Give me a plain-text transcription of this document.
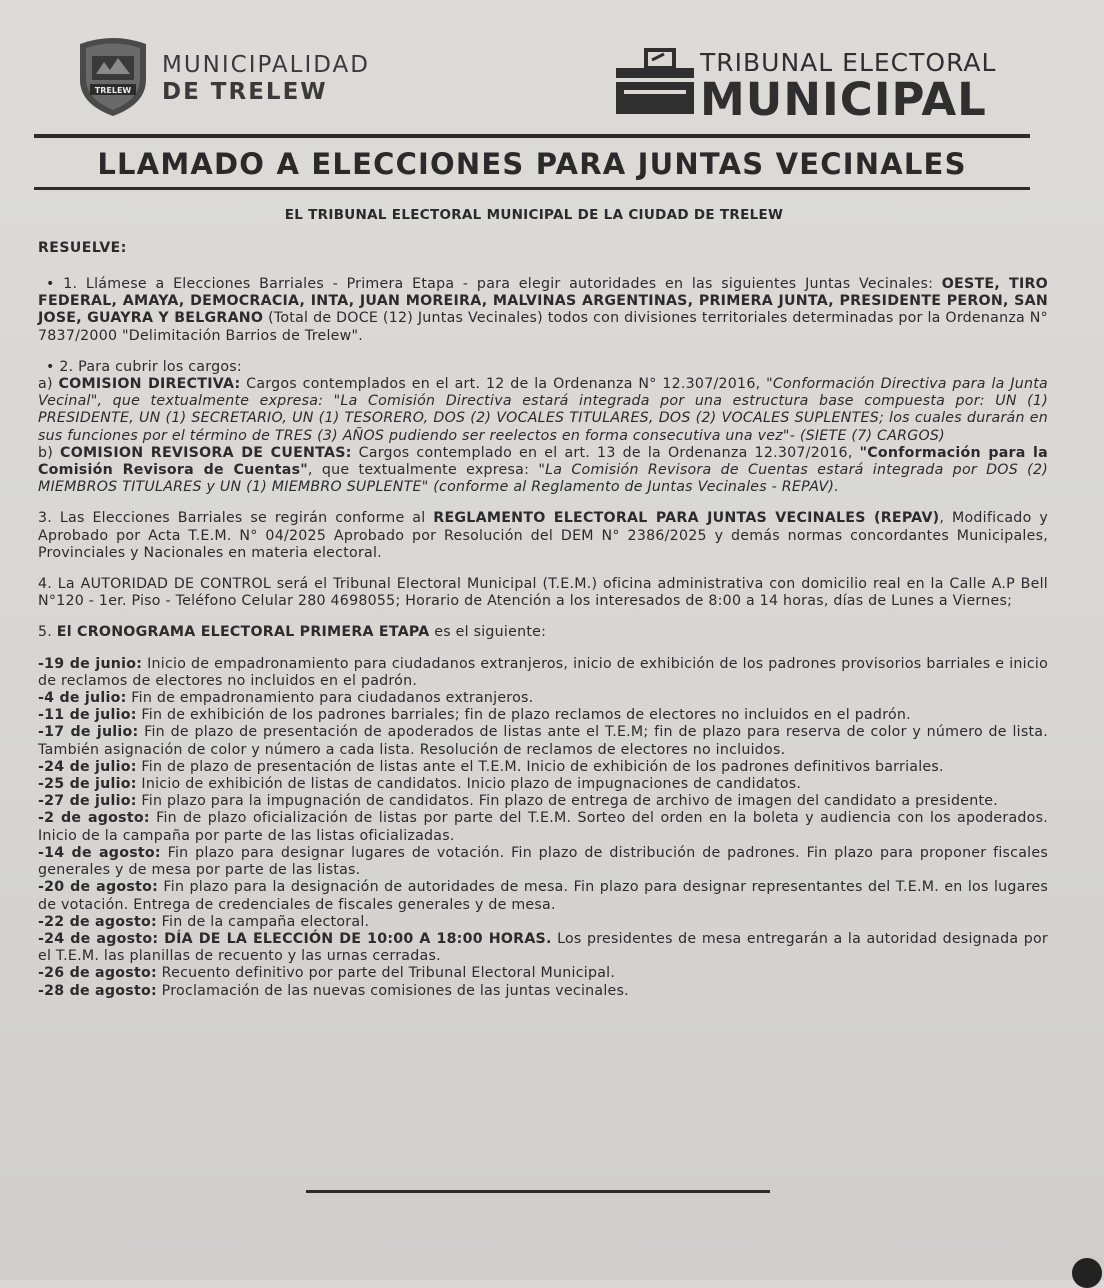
TRELEW
MUNICIPALIDAD
DE TRELEW
TRIBUNAL ELECTORAL
MUNICIPAL
LLAMADO A ELECCIONES PARA JUNTAS VECINALES
EL TRIBUNAL ELECTORAL MUNICIPAL DE LA CIUDAD DE TRELEW
RESUELVE:

• 1. Llámese a Elecciones Barriales - Primera Etapa - para elegir autoridades en las siguientes Juntas Vecinales: OESTE, TIRO FEDERAL, AMAYA, DEMOCRACIA, INTA, JUAN MOREIRA, MALVINAS ARGENTINAS, PRIMERA JUNTA, PRESIDENTE PERON, SAN JOSE, GUAYRA Y BELGRANO (Total de DOCE (12) Juntas Vecinales) todos con divisiones territoriales determinadas por la Ordenanza N° 7837/2000 "Delimitación Barrios de Trelew".

• 2. Para cubrir los cargos:
a) COMISION DIRECTIVA: Cargos contemplados en el art. 12 de la Ordenanza N° 12.307/2016, "Conformación Directiva para la Junta Vecinal", que textualmente expresa: "La Comisión Directiva estará integrada por una estructura base compuesta por: UN (1) PRESIDENTE, UN (1) SECRETARIO, UN (1) TESORERO, DOS (2) VOCALES TITULARES, DOS (2) VOCALES SUPLENTES; los cuales durarán en sus funciones por el término de TRES (3) AÑOS pudiendo ser reelectos en forma consecutiva una vez"- (SIETE (7) CARGOS)

b) COMISION REVISORA DE CUENTAS: Cargos contemplado en el art. 13 de la Ordenanza 12.307/2016, "Conformación para la Comisión Revisora de Cuentas", que textualmente expresa: "La Comisión Revisora de Cuentas estará integrada por DOS (2) MIEMBROS TITULARES y UN (1) MIEMBRO SUPLENTE" (conforme al Reglamento de Juntas Vecinales - REPAV).

3. Las Elecciones Barriales se regirán conforme al REGLAMENTO ELECTORAL PARA JUNTAS VECINALES (REPAV), Modificado y Aprobado por Acta T.E.M. N° 04/2025 Aprobado por Resolución del DEM N° 2386/2025 y demás normas concordantes Municipales, Provinciales y Nacionales en materia electoral.

4. La AUTORIDAD DE CONTROL será el Tribunal Electoral Municipal (T.E.M.) oficina administrativa con domicilio real en la Calle A.P Bell N°120 - 1er. Piso - Teléfono Celular 280 4698055; Horario de Atención a los interesados de 8:00 a 14 horas, días de Lunes a Viernes;

5. El CRONOGRAMA ELECTORAL PRIMERA ETAPA es el siguiente:

-19 de junio: Inicio de empadronamiento para ciudadanos extranjeros, inicio de exhibición de los padrones provisorios barriales e inicio de reclamos de electores no incluidos en el padrón.
-4 de julio: Fin de empadronamiento para ciudadanos extranjeros.
-11 de julio: Fin de exhibición de los padrones barriales; fin de plazo reclamos de electores no incluidos en el padrón.
-17 de julio: Fin de plazo de presentación de apoderados de listas ante el T.E.M; fin de plazo para reserva de color y número de lista. También asignación de color y número a cada lista. Resolución de reclamos de electores no incluidos.
-24 de julio: Fin de plazo de presentación de listas ante el T.E.M. Inicio de exhibición de los padrones definitivos barriales.
-25 de julio: Inicio de exhibición de listas de candidatos. Inicio plazo de impugnaciones de candidatos.
-27 de julio: Fin plazo para la impugnación de candidatos. Fin plazo de entrega de archivo de imagen del candidato a presidente.
-2 de agosto: Fin de plazo oficialización de listas por parte del T.E.M. Sorteo del orden en la boleta y audiencia con los apoderados. Inicio de la campaña por parte de las listas oficializadas.
-14 de agosto: Fin plazo para designar lugares de votación. Fin plazo de distribución de padrones. Fin plazo para proponer fiscales generales y de mesa por parte de las listas.
-20 de agosto: Fin plazo para la designación de autoridades de mesa. Fin plazo para designar representantes del T.E.M. en los lugares de votación. Entrega de credenciales de fiscales generales y de mesa.
-22 de agosto: Fin de la campaña electoral.
-24 de agosto: DÍA DE LA ELECCIÓN DE 10:00 A 18:00 HORAS. Los presidentes de mesa entregarán a la autoridad designada por el T.E.M. las planillas de recuento y las urnas cerradas.
-26 de agosto: Recuento definitivo por parte del Tribunal Electoral Municipal.
-28 de agosto: Proclamación de las nuevas comisiones de las juntas vecinales.
